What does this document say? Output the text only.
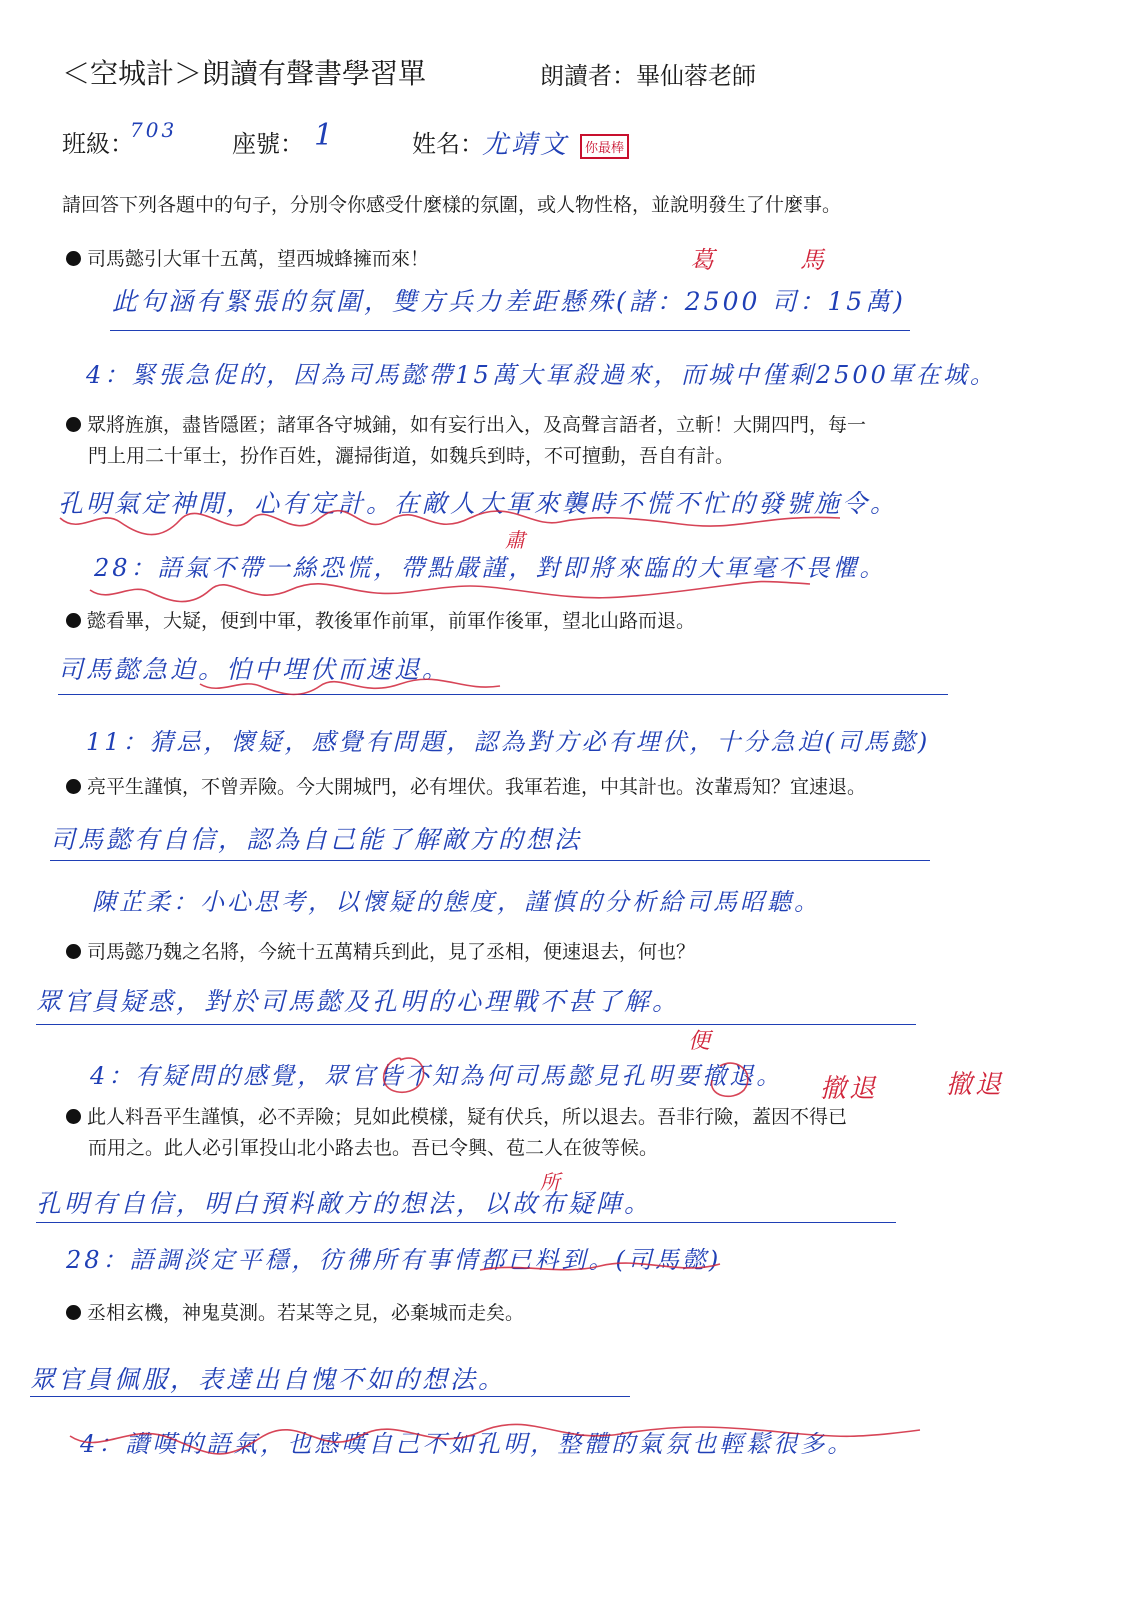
＜空城計＞朗讀有聲書學習單	朗讀者：畢仙蓉老師
班級：
703 座號： 1	姓名：
尤靖文	你最棒
請回答下列各題中的句子，分別令你感受什麼樣的氛圍，或人物性格，並說明發生了什麼事。
司馬懿引大軍十五萬，望西城蜂擁而來！	葛	馬
此句涵有緊張的氛圍，雙方兵力差距懸殊(諸：2500 司：15萬)
4：緊張急促的，因為司馬懿帶15萬大軍殺過來，而城中僅剩2500軍在城。
眾將旌旗，盡皆隱匿；諸軍各守城鋪，如有妄行出入，及高聲言語者，立斬！大開四門，每一
門上用二十軍士，扮作百姓，灑掃街道，如魏兵到時，不可擅動，吾自有計。
孔明氣定神閒，心有定計。在敵人大軍來襲時不慌不忙的發號施令。
肅
28：語氣不帶一絲恐慌，帶點嚴謹，對即將來臨的大軍毫不畏懼。
懿看畢，大疑，便到中軍，教後軍作前軍，前軍作後軍，望北山路而退。
司馬懿急迫。怕中埋伏而速退。
11：猜忌，懷疑，感覺有問題，認為對方必有埋伏，十分急迫(司馬懿)
亮平生謹慎，不曾弄險。今大開城門，必有埋伏。我軍若進，中其計也。汝輩焉知？宜速退。
司馬懿有自信，認為自己能了解敵方的想法
陳芷柔：小心思考，以懷疑的態度，謹慎的分析給司馬昭聽。
司馬懿乃魏之名將，今統十五萬精兵到此，見了丞相，便速退去，何也？
眾官員疑惑，對於司馬懿及孔明的心理戰不甚了解。
便
4：有疑問的感覺，眾官皆不知為何司馬懿見孔明要撤退。 撤退	撤退
此人料吾平生謹慎，必不弄險；見如此模樣，疑有伏兵，所以退去。吾非行險，蓋因不得已
而用之。此人必引軍投山北小路去也。吾已令興、苞二人在彼等候。
所
孔明有自信，明白預料敵方的想法，以故布疑陣。
28：語調淡定平穩，彷彿所有事情都已料到。(司馬懿)
丞相玄機，神鬼莫測。若某等之見，必棄城而走矣。
眾官員佩服，表達出自愧不如的想法。
4：讚嘆的語氣，也感嘆自己不如孔明，整體的氣氛也輕鬆很多。
